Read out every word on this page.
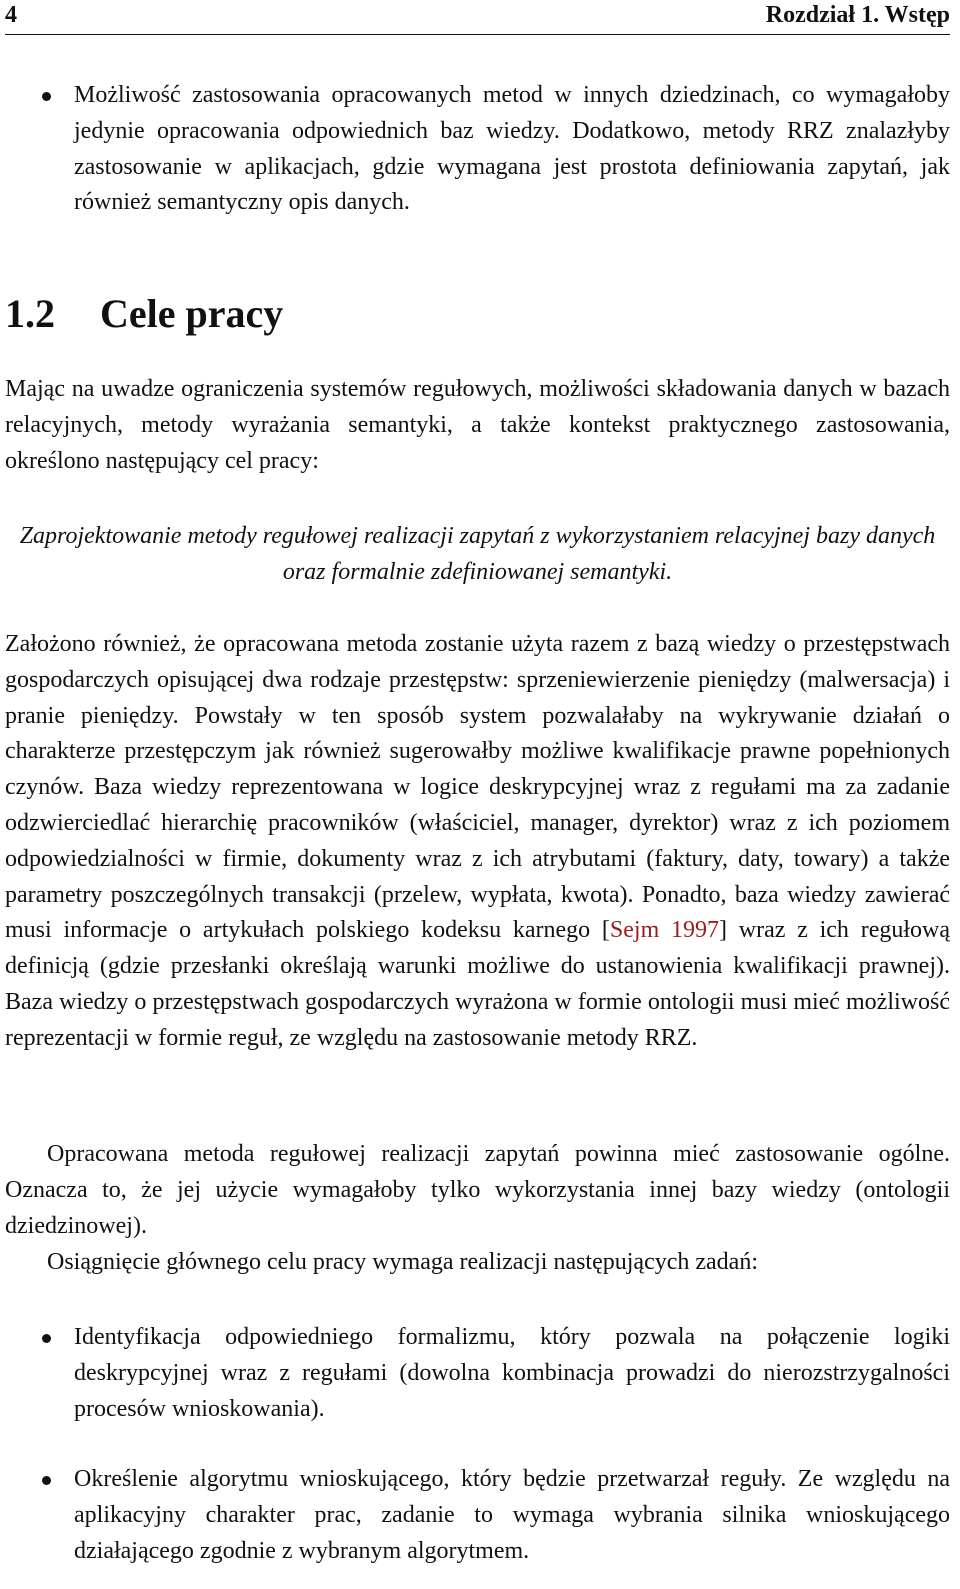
4	Rozdział 1. Wstęp
Możliwość zastosowania opracowanych metod w innych dziedzinach, co wymagałoby jedynie opracowania odpowiednich baz wiedzy. Dodatkowo, metody RRZ znalazłyby zastosowanie w aplikacjach, gdzie wymagana jest prostota definiowania zapytań, jak również semantyczny opis danych.
1.2 Cele pracy
Mając na uwadze ograniczenia systemów regułowych, możliwości składowania danych w bazach relacyjnych, metody wyrażania semantyki, a także kontekst praktycznego zastosowania, określono następujący cel pracy:
Zaprojektowanie metody regułowej realizacji zapytań z wykorzystaniem relacyjnej bazy danych oraz formalnie zdefiniowanej semantyki.
Założono również, że opracowana metoda zostanie użyta razem z bazą wiedzy o przestępstwach gospodarczych opisującej dwa rodzaje przestępstw: sprzeniewierzenie pieniędzy (malwersacja) i pranie pieniędzy. Powstały w ten sposób system pozwalałaby na wykrywanie działań o charakterze przestępczym jak również sugerowałby możliwe kwalifikacje prawne popełnionych czynów. Baza wiedzy reprezentowana w logice deskrypcyjnej wraz z regułami ma za zadanie odzwierciedlać hierarchię pracowników (właściciel, manager, dyrektor) wraz z ich poziomem odpowiedzialności w firmie, dokumenty wraz z ich atrybutami (faktury, daty, towary) a także parametry poszczególnych transakcji (przelew, wypłata, kwota). Ponadto, baza wiedzy zawierać musi informacje o artykułach polskiego kodeksu karnego [Sejm 1997] wraz z ich regułową definicją (gdzie przesłanki określają warunki możliwe do ustanowienia kwalifikacji prawnej). Baza wiedzy o przestępstwach gospodarczych wyrażona w formie ontologii musi mieć możliwość reprezentacji w formie reguł, ze względu na zastosowanie metody RRZ.
Opracowana metoda regułowej realizacji zapytań powinna mieć zastosowanie ogólne. Oznacza to, że jej użycie wymagałoby tylko wykorzystania innej bazy wiedzy (ontologii dziedzinowej).
Osiągnięcie głównego celu pracy wymaga realizacji następujących zadań:
Identyfikacja odpowiedniego formalizmu, który pozwala na połączenie logiki deskrypcyjnej wraz z regułami (dowolna kombinacja prowadzi do nierozstrzygalności procesów wnioskowania).
Określenie algorytmu wnioskującego, który będzie przetwarzał reguły. Ze względu na aplikacyjny charakter prac, zadanie to wymaga wybrania silnika wnioskującego działającego zgodnie z wybranym algorytmem.
